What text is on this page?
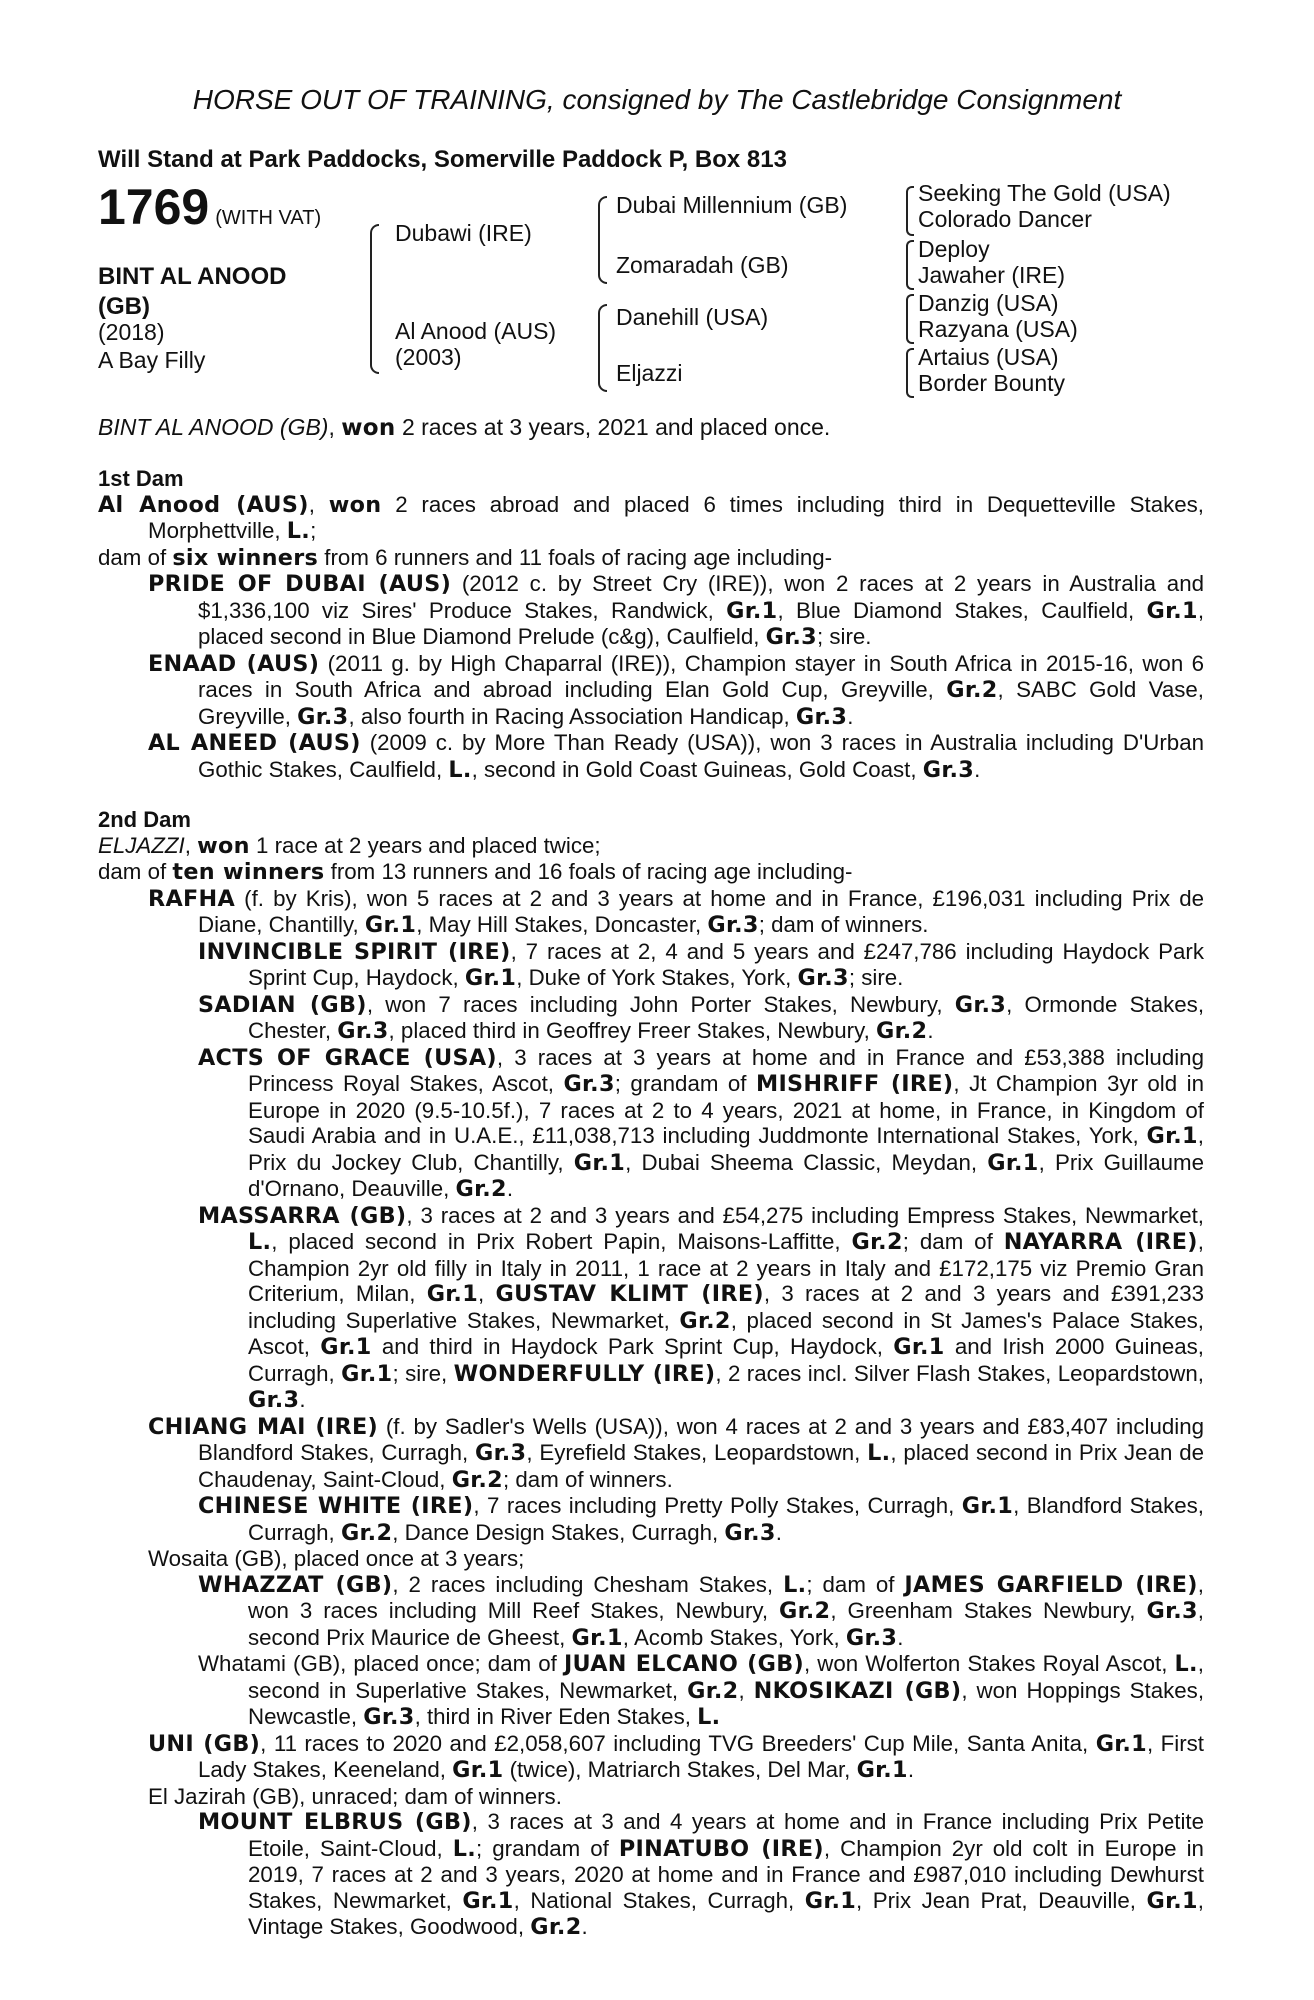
HORSE OUT OF TRAINING, consigned by The Castlebridge Consignment
Will Stand at Park Paddocks, Somerville Paddock P, Box 813
1769 (WITH VAT)
BINT AL ANOOD (GB)
(2018)
A Bay Filly
Dubawi (IRE)
Al Anood (AUS)
(2003)
Dubai Millennium (GB)
Zomaradah (GB)
Danehill (USA)
Eljazzi
Seeking The Gold (USA)
Colorado Dancer
Deploy
Jawaher (IRE)
Danzig (USA)
Razyana (USA)
Artaius (USA)
Border Bounty
BINT AL ANOOD (GB), won 2 races at 3 years, 2021 and placed once.
1st Dam
Al Anood (AUS), won 2 races abroad and placed 6 times including third in Dequetteville Stakes, Morphettville, L.;
dam of six winners from 6 runners and 11 foals of racing age including-
PRIDE OF DUBAI (AUS) (2012 c. by Street Cry (IRE)), won 2 races at 2 years in Australia and $1,336,100 viz Sires' Produce Stakes, Randwick, Gr.1, Blue Diamond Stakes, Caulfield, Gr.1, placed second in Blue Diamond Prelude (c&g), Caulfield, Gr.3; sire.
ENAAD (AUS) (2011 g. by High Chaparral (IRE)), Champion stayer in South Africa in 2015-16, won 6 races in South Africa and abroad including Elan Gold Cup, Greyville, Gr.2, SABC Gold Vase, Greyville, Gr.3, also fourth in Racing Association Handicap, Gr.3.
AL ANEED (AUS) (2009 c. by More Than Ready (USA)), won 3 races in Australia including D'Urban Gothic Stakes, Caulfield, L., second in Gold Coast Guineas, Gold Coast, Gr.3.
2nd Dam
ELJAZZI, won 1 race at 2 years and placed twice;
dam of ten winners from 13 runners and 16 foals of racing age including-
RAFHA (f. by Kris), won 5 races at 2 and 3 years at home and in France, £196,031 including Prix de Diane, Chantilly, Gr.1, May Hill Stakes, Doncaster, Gr.3; dam of winners.
INVINCIBLE SPIRIT (IRE), 7 races at 2, 4 and 5 years and £247,786 including Haydock Park Sprint Cup, Haydock, Gr.1, Duke of York Stakes, York, Gr.3; sire.
SADIAN (GB), won 7 races including John Porter Stakes, Newbury, Gr.3, Ormonde Stakes, Chester, Gr.3, placed third in Geoffrey Freer Stakes, Newbury, Gr.2.
ACTS OF GRACE (USA), 3 races at 3 years at home and in France and £53,388 including Princess Royal Stakes, Ascot, Gr.3; grandam of MISHRIFF (IRE), Jt Champion 3yr old in Europe in 2020 (9.5-10.5f.), 7 races at 2 to 4 years, 2021 at home, in France, in Kingdom of Saudi Arabia and in U.A.E., £11,038,713 including Juddmonte International Stakes, York, Gr.1, Prix du Jockey Club, Chantilly, Gr.1, Dubai Sheema Classic, Meydan, Gr.1, Prix Guillaume d'Ornano, Deauville, Gr.2.
MASSARRA (GB), 3 races at 2 and 3 years and £54,275 including Empress Stakes, Newmarket, L., placed second in Prix Robert Papin, Maisons-Laffitte, Gr.2; dam of NAYARRA (IRE), Champion 2yr old filly in Italy in 2011, 1 race at 2 years in Italy and £172,175 viz Premio Gran Criterium, Milan, Gr.1, GUSTAV KLIMT (IRE), 3 races at 2 and 3 years and £391,233 including Superlative Stakes, Newmarket, Gr.2, placed second in St James's Palace Stakes, Ascot, Gr.1 and third in Haydock Park Sprint Cup, Haydock, Gr.1 and Irish 2000 Guineas, Curragh, Gr.1; sire, WONDERFULLY (IRE), 2 races incl. Silver Flash Stakes, Leopardstown, Gr.3.
CHIANG MAI (IRE) (f. by Sadler's Wells (USA)), won 4 races at 2 and 3 years and £83,407 including Blandford Stakes, Curragh, Gr.3, Eyrefield Stakes, Leopardstown, L., placed second in Prix Jean de Chaudenay, Saint-Cloud, Gr.2; dam of winners.
CHINESE WHITE (IRE), 7 races including Pretty Polly Stakes, Curragh, Gr.1, Blandford Stakes, Curragh, Gr.2, Dance Design Stakes, Curragh, Gr.3.
Wosaita (GB), placed once at 3 years;
WHAZZAT (GB), 2 races including Chesham Stakes, L.; dam of JAMES GARFIELD (IRE), won 3 races including Mill Reef Stakes, Newbury, Gr.2, Greenham Stakes Newbury, Gr.3, second Prix Maurice de Gheest, Gr.1, Acomb Stakes, York, Gr.3.
Whatami (GB), placed once; dam of JUAN ELCANO (GB), won Wolferton Stakes Royal Ascot, L., second in Superlative Stakes, Newmarket, Gr.2, NKOSIKAZI (GB), won Hoppings Stakes, Newcastle, Gr.3, third in River Eden Stakes, L.
UNI (GB), 11 races to 2020 and £2,058,607 including TVG Breeders' Cup Mile, Santa Anita, Gr.1, First Lady Stakes, Keeneland, Gr.1 (twice), Matriarch Stakes, Del Mar, Gr.1.
El Jazirah (GB), unraced; dam of winners.
MOUNT ELBRUS (GB), 3 races at 3 and 4 years at home and in France including Prix Petite Etoile, Saint-Cloud, L.; grandam of PINATUBO (IRE), Champion 2yr old colt in Europe in 2019, 7 races at 2 and 3 years, 2020 at home and in France and £987,010 including Dewhurst Stakes, Newmarket, Gr.1, National Stakes, Curragh, Gr.1, Prix Jean Prat, Deauville, Gr.1, Vintage Stakes, Goodwood, Gr.2.
